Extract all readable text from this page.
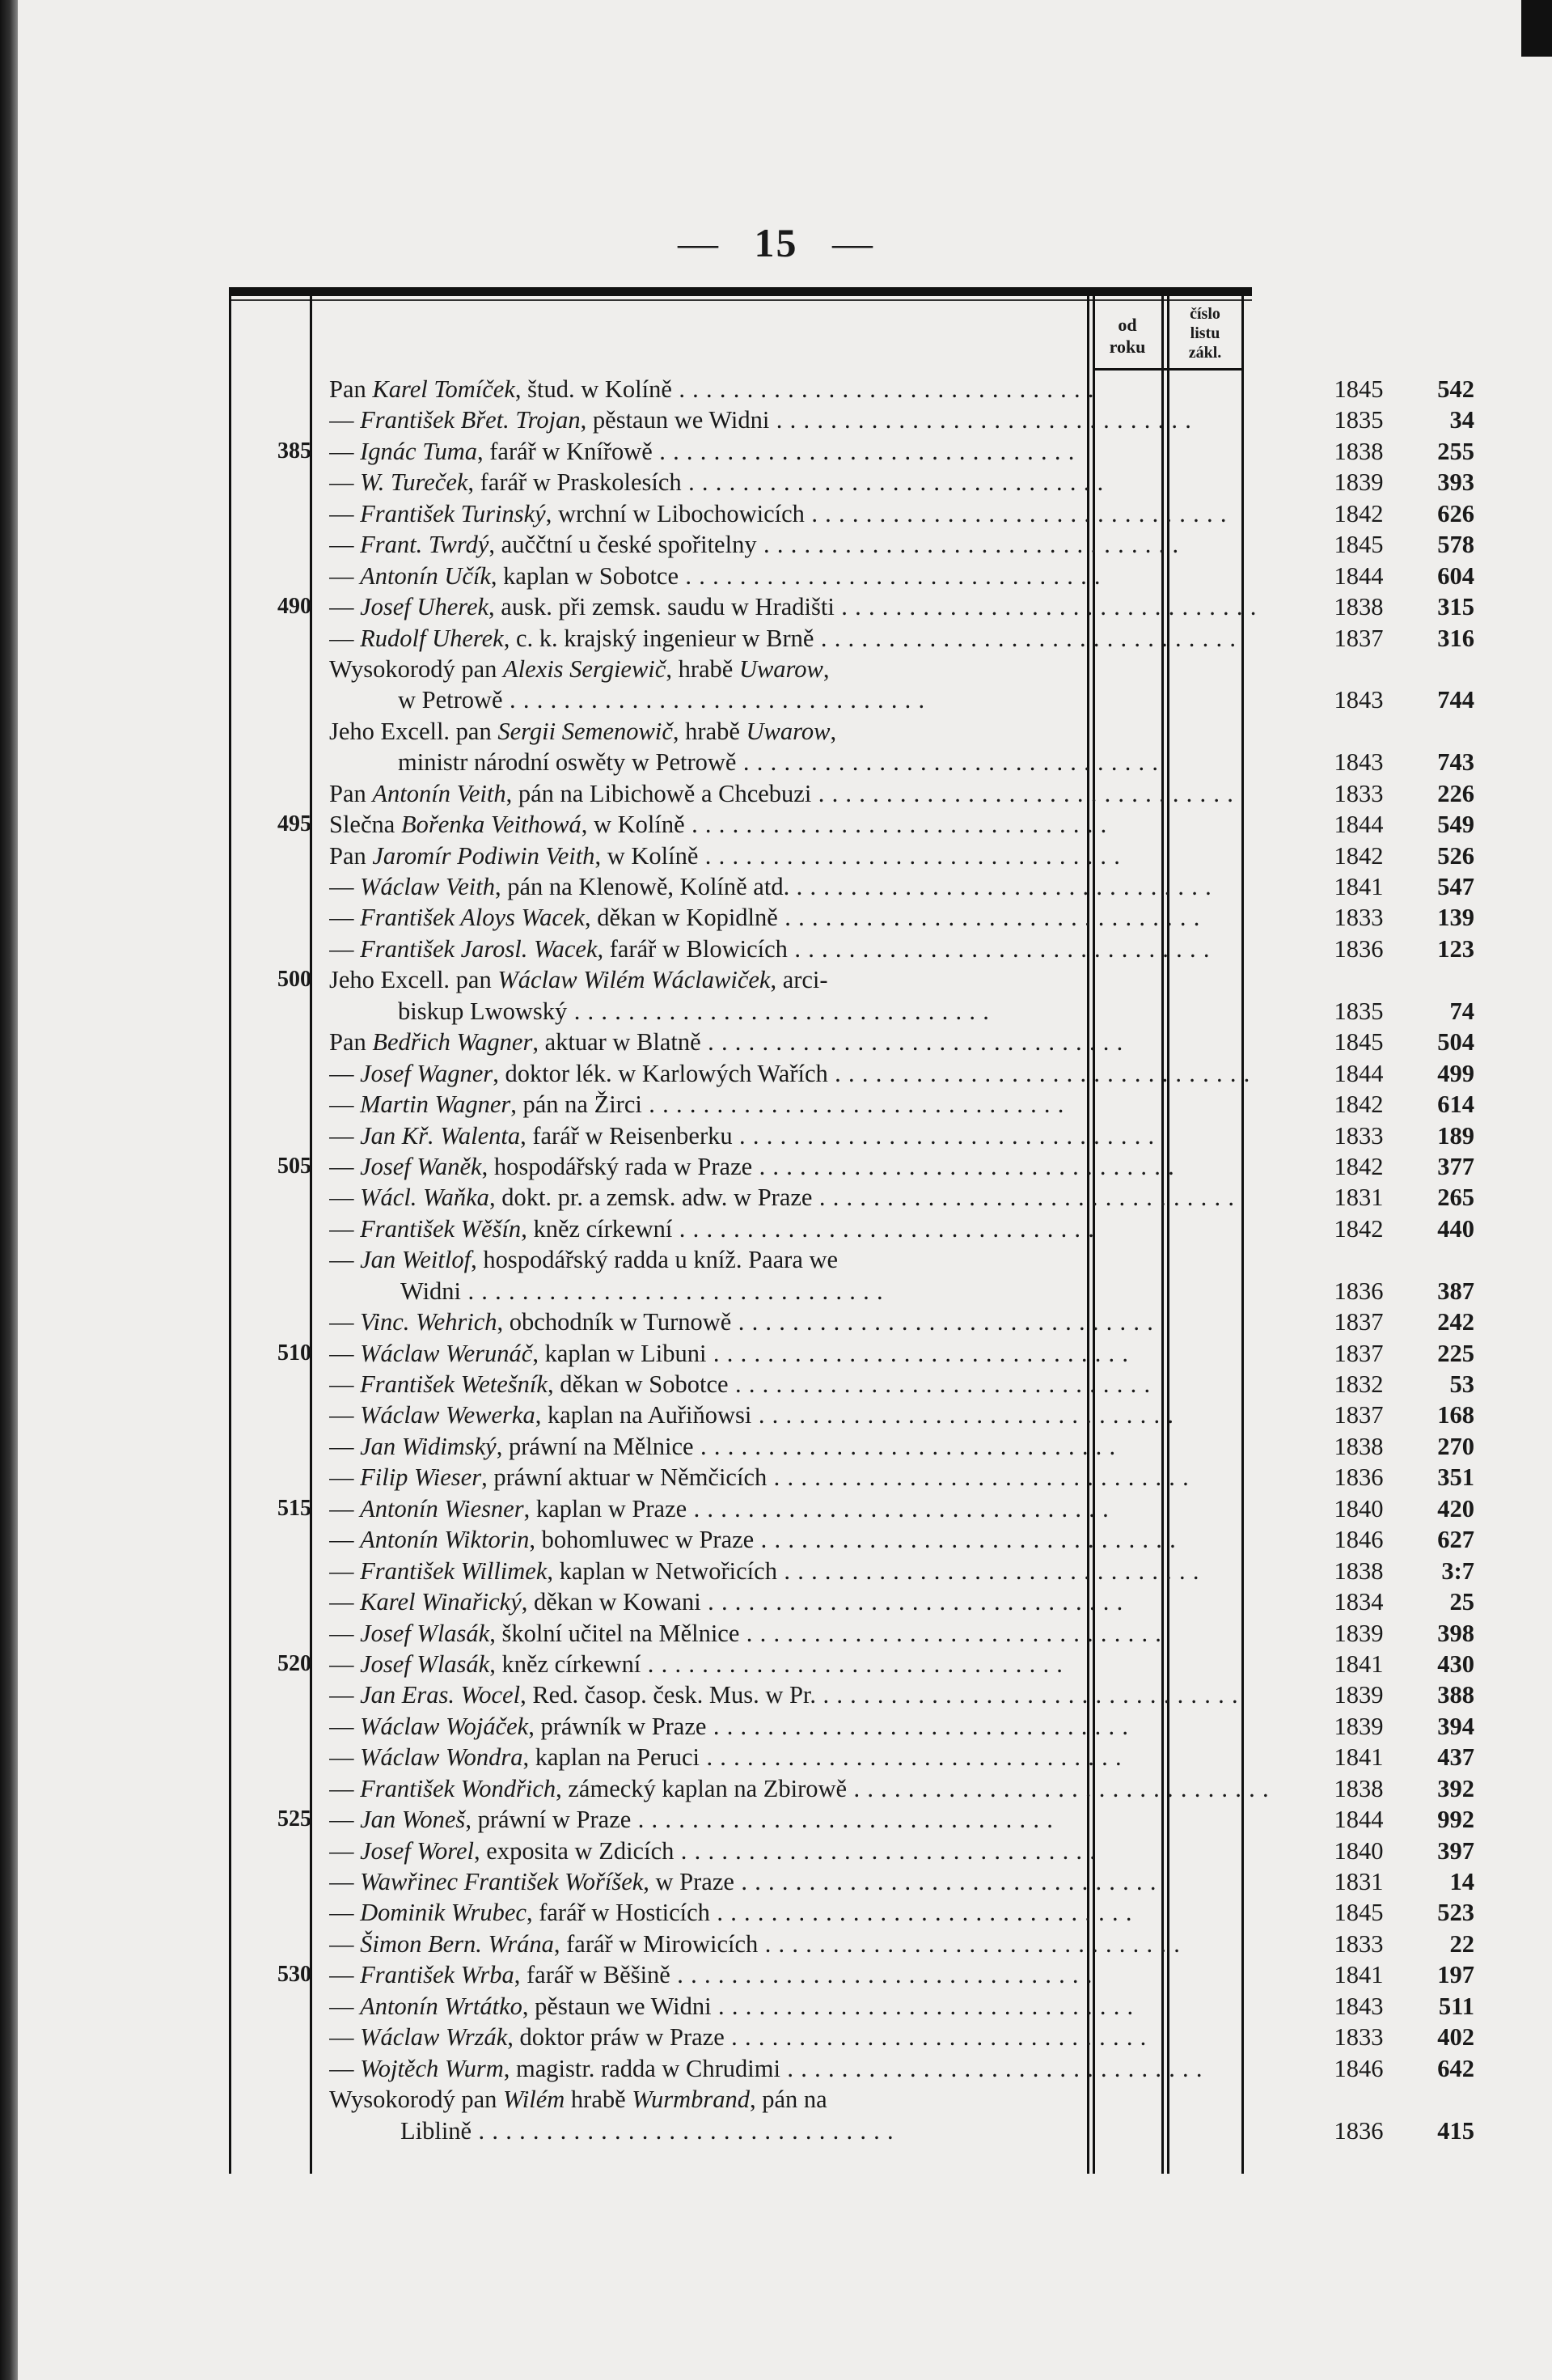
— 15 —
od
roku
číslo
listu
zákl.
Pan Karel Tomíček, štud. w Kolíně . . . . . . . . . . . . . . . . . . . . . . . . . . . . . . .	1845	542
— František Břet. Trojan, pěstaun we Widni . . . . . . . . . . . . . . . . . . . . . . . . . . . . . . .	1835	34
385 — Ignác Tuma, farář w Knířowě . . . . . . . . . . . . . . . . . . . . . . . . . . . . . . .	1838	255
— W. Tureček, farář w Praskolesích . . . . . . . . . . . . . . . . . . . . . . . . . . . . . . .	1839	393
— František Turinský, wrchní w Libochowicích . . . . . . . . . . . . . . . . . . . . . . . . . . . . . . .	1842	626
— Frant. Twrdý, auččtní u české spořitelny . . . . . . . . . . . . . . . . . . . . . . . . . . . . . . .	1845	578
— Antonín Učík, kaplan w Sobotce . . . . . . . . . . . . . . . . . . . . . . . . . . . . . . .	1844	604
490 — Josef Uherek, ausk. při zemsk. saudu w Hradišti . . . . . . . . . . . . . . . . . . . . . . . . . . . . . . .	1838	315
— Rudolf Uherek, c. k. krajský ingenieur w Brně . . . . . . . . . . . . . . . . . . . . . . . . . . . . . . .	1837	316
Wysokorodý pan Alexis Sergiewič, hrabě Uwarow,
w Petrowě . . . . . . . . . . . . . . . . . . . . . . . . . . . . . . .	1843	744
Jeho Excell. pan Sergii Semenowič, hrabě Uwarow,
ministr národní oswěty w Petrowě . . . . . . . . . . . . . . . . . . . . . . . . . . . . . . .	1843	743
Pan Antonín Veith, pán na Libichowě a Chcebuzi . . . . . . . . . . . . . . . . . . . . . . . . . . . . . . .	1833	226
495 Slečna Bořenka Veithowá, w Kolíně . . . . . . . . . . . . . . . . . . . . . . . . . . . . . . .	1844	549
Pan Jaromír Podiwin Veith, w Kolíně . . . . . . . . . . . . . . . . . . . . . . . . . . . . . . .	1842	526
— Wáclaw Veith, pán na Klenowě, Kolíně atd. . . . . . . . . . . . . . . . . . . . . . . . . . . . . . . .	1841	547
— František Aloys Wacek, děkan w Kopidlně . . . . . . . . . . . . . . . . . . . . . . . . . . . . . . .	1833	139
— František Jarosl. Wacek, farář w Blowicích . . . . . . . . . . . . . . . . . . . . . . . . . . . . . . .	1836	123
500 Jeho Excell. pan Wáclaw Wilém Wáclawiček, arci-
biskup Lwowský . . . . . . . . . . . . . . . . . . . . . . . . . . . . . . .	1835	74
Pan Bedřich Wagner, aktuar w Blatně . . . . . . . . . . . . . . . . . . . . . . . . . . . . . . .	1845	504
— Josef Wagner, doktor lék. w Karlowých Wařích . . . . . . . . . . . . . . . . . . . . . . . . . . . . . . .	1844	499
— Martin Wagner, pán na Žirci . . . . . . . . . . . . . . . . . . . . . . . . . . . . . . .	1842	614
— Jan Kř. Walenta, farář w Reisenberku . . . . . . . . . . . . . . . . . . . . . . . . . . . . . . .	1833	189
505 — Josef Waněk, hospodářský rada w Praze . . . . . . . . . . . . . . . . . . . . . . . . . . . . . . .	1842	377
— Wácl. Waňka, dokt. pr. a zemsk. adw. w Praze . . . . . . . . . . . . . . . . . . . . . . . . . . . . . . .	1831	265
— František Wěšín, kněz církewní . . . . . . . . . . . . . . . . . . . . . . . . . . . . . . .	1842	440
— Jan Weitlof, hospodářský radda u kníž. Paara we
Widni . . . . . . . . . . . . . . . . . . . . . . . . . . . . . . .	1836	387
— Vinc. Wehrich, obchodník w Turnowě . . . . . . . . . . . . . . . . . . . . . . . . . . . . . . .	1837	242
510 — Wáclaw Werunáč, kaplan w Libuni . . . . . . . . . . . . . . . . . . . . . . . . . . . . . . .	1837	225
— František Wetešník, děkan w Sobotce . . . . . . . . . . . . . . . . . . . . . . . . . . . . . . .	1832	53
— Wáclaw Wewerka, kaplan na Auřiňowsi . . . . . . . . . . . . . . . . . . . . . . . . . . . . . . .	1837	168
— Jan Widimský, práwní na Mělnice . . . . . . . . . . . . . . . . . . . . . . . . . . . . . . .	1838	270
— Filip Wieser, práwní aktuar w Němčicích . . . . . . . . . . . . . . . . . . . . . . . . . . . . . . .	1836	351
515 — Antonín Wiesner, kaplan w Praze . . . . . . . . . . . . . . . . . . . . . . . . . . . . . . .	1840	420
— Antonín Wiktorin, bohomluwec w Praze . . . . . . . . . . . . . . . . . . . . . . . . . . . . . . .	1846	627
— František Willimek, kaplan w Netwořicích . . . . . . . . . . . . . . . . . . . . . . . . . . . . . . .	1838	3:7
— Karel Winařický, děkan w Kowani . . . . . . . . . . . . . . . . . . . . . . . . . . . . . . .	1834	25
— Josef Wlasák, školní učitel na Mělnice . . . . . . . . . . . . . . . . . . . . . . . . . . . . . . .	1839	398
520 — Josef Wlasák, kněz církewní . . . . . . . . . . . . . . . . . . . . . . . . . . . . . . .	1841	430
— Jan Eras. Wocel, Red. časop. česk. Mus. w Pr. . . . . . . . . . . . . . . . . . . . . . . . . . . . . . . .	1839	388
— Wáclaw Wojáček, práwník w Praze . . . . . . . . . . . . . . . . . . . . . . . . . . . . . . .	1839	394
— Wáclaw Wondra, kaplan na Peruci . . . . . . . . . . . . . . . . . . . . . . . . . . . . . . .	1841	437
— František Wondřich, zámecký kaplan na Zbirowě . . . . . . . . . . . . . . . . . . . . . . . . . . . . . . .	1838	392
525 — Jan Woneš, práwní w Praze . . . . . . . . . . . . . . . . . . . . . . . . . . . . . . .	1844	992
— Josef Worel, exposita w Zdicích . . . . . . . . . . . . . . . . . . . . . . . . . . . . . . .	1840	397
— Wawřinec František Woříšek, w Praze . . . . . . . . . . . . . . . . . . . . . . . . . . . . . . .	1831	14
— Dominik Wrubec, farář w Hosticích . . . . . . . . . . . . . . . . . . . . . . . . . . . . . . .	1845	523
— Šimon Bern. Wrána, farář w Mirowicích . . . . . . . . . . . . . . . . . . . . . . . . . . . . . . .	1833	22
530 — František Wrba, farář w Běšině . . . . . . . . . . . . . . . . . . . . . . . . . . . . . . .	1841	197
— Antonín Wrtátko, pěstaun we Widni . . . . . . . . . . . . . . . . . . . . . . . . . . . . . . .	1843	511
— Wáclaw Wrzák, doktor práw w Praze . . . . . . . . . . . . . . . . . . . . . . . . . . . . . . .	1833	402
— Wojtěch Wurm, magistr. radda w Chrudimi . . . . . . . . . . . . . . . . . . . . . . . . . . . . . . .	1846	642
Wysokorodý pan Wilém hrabě Wurmbrand, pán na
Liblině . . . . . . . . . . . . . . . . . . . . . . . . . . . . . . .	1836	415
